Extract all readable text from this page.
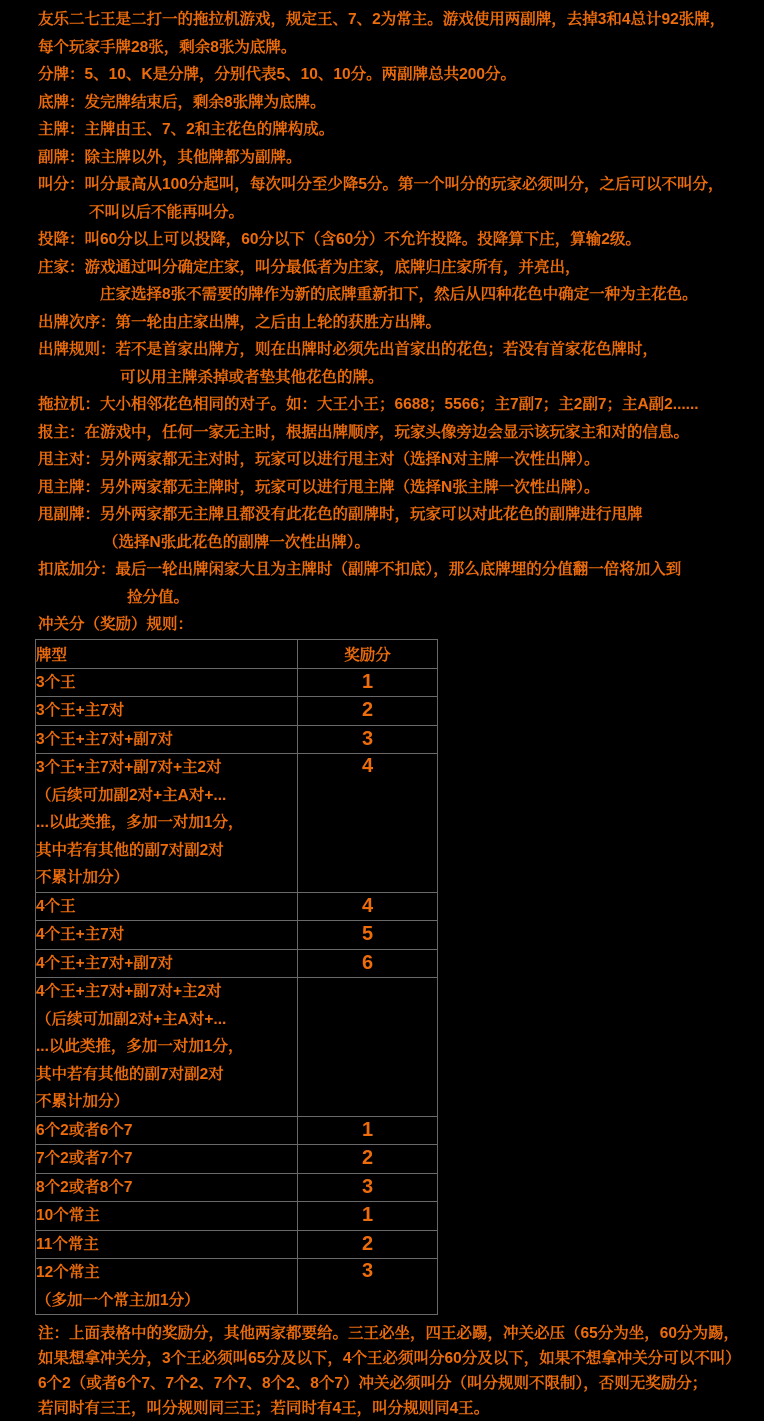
友乐二七王是二打一的拖拉机游戏，规定王、7、2为常主。游戏使用两副牌，去掉3和4总计92张牌，
每个玩家手牌28张，剩余8张为底牌。
分牌：5、10、K是分牌，分别代表5、10、10分。两副牌总共200分。
底牌：发完牌结束后，剩余8张牌为底牌。
主牌：主牌由王、7、2和主花色的牌构成。
副牌：除主牌以外，其他牌都为副牌。
叫分：叫分最高从100分起叫，每次叫分至少降5分。第一个叫分的玩家必须叫分，之后可以不叫分，
不叫以后不能再叫分。
投降：叫60分以上可以投降，60分以下（含60分）不允许投降。投降算下庄，算输2级。
庄家：游戏通过叫分确定庄家，叫分最低者为庄家，底牌归庄家所有，并亮出，
庄家选择8张不需要的牌作为新的底牌重新扣下，然后从四种花色中确定一种为主花色。
出牌次序：第一轮由庄家出牌，之后由上轮的获胜方出牌。
出牌规则：若不是首家出牌方，则在出牌时必须先出首家出的花色；若没有首家花色牌时，
可以用主牌杀掉或者垫其他花色的牌。
拖拉机：大小相邻花色相同的对子。如：大王小王；6688；5566；主7副7；主2副7；主A副2......
报主：在游戏中，任何一家无主时，根据出牌顺序，玩家头像旁边会显示该玩家主和对的信息。
甩主对：另外两家都无主对时，玩家可以进行甩主对（选择N对主牌一次性出牌）。
甩主牌：另外两家都无主牌时，玩家可以进行甩主牌（选择N张主牌一次性出牌）。
甩副牌：另外两家都无主牌且都没有此花色的副牌时，玩家可以对此花色的副牌进行甩牌
（选择N张此花色的副牌一次性出牌）。
扣底加分：最后一轮出牌闲家大且为主牌时（副牌不扣底），那么底牌埋的分值翻一倍将加入到
捡分值。
冲关分（奖励）规则：
牌型	奖励分
3个王	1
3个王+主7对	2
3个王+主7对+副7对	3

3个王+主7对+副7对+主2对
（后续可加副2对+主A对+...
...以此类推，多加一对加1分，
其中若有其他的副7对副2对
不累计加分）	4
4个王	4
4个王+主7对	5
4个王+主7对+副7对	6

4个王+主7对+副7对+主2对
（后续可加副2对+主A对+...
...以此类推，多加一对加1分，
其中若有其他的副7对副2对
不累计加分）	

6个2或者6个7	1
7个2或者7个7	2
8个2或者8个7	3
10个常主	1
11个常主	2

12个常主
（多加一个常主加1分）	3
注：上面表格中的奖励分，其他两家都要给。三王必坐，四王必踢，冲关必压（65分为坐，60分为踢，
如果想拿冲关分，3个王必须叫65分及以下，4个王必须叫分60分及以下，如果不想拿冲关分可以不叫）
6个2（或者6个7、7个2、7个7、8个2、8个7）冲关必须叫分（叫分规则不限制），否则无奖励分；
若同时有三王，叫分规则同三王；若同时有4王，叫分规则同4王。
